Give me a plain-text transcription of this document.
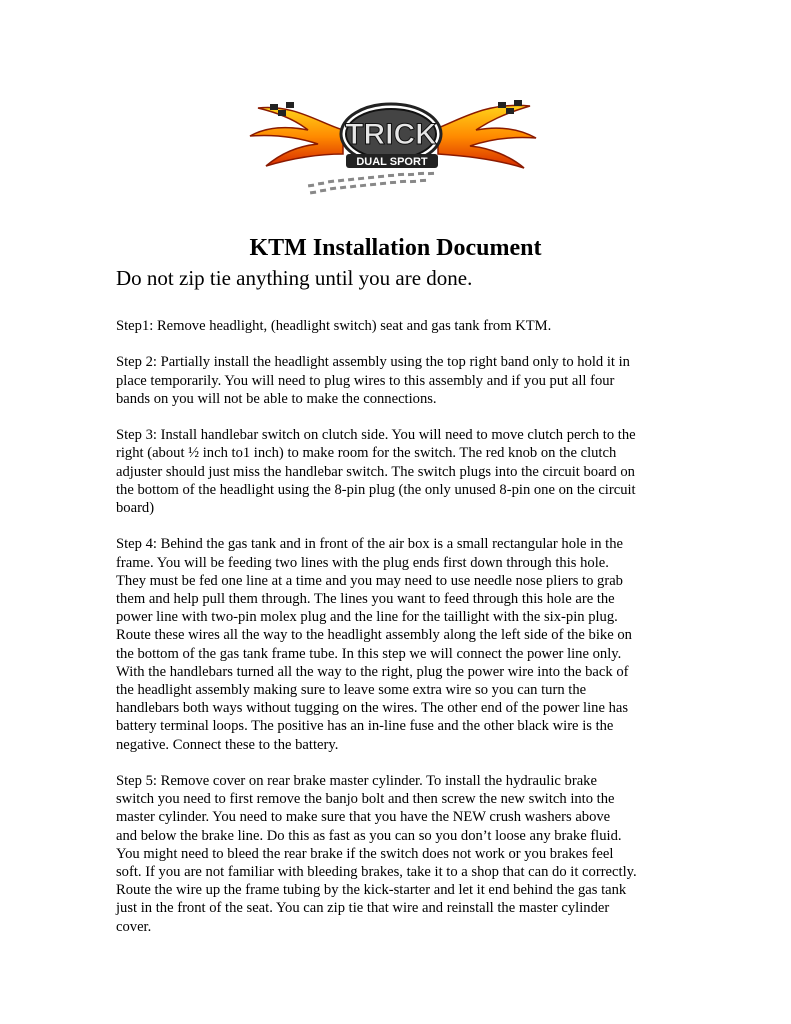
TRICK
DUAL SPORT
KTM Installation Document
Do not zip tie anything until you are done.

Step1: Remove headlight, (headlight switch) seat and gas tank from KTM.

Step 2: Partially install the headlight assembly using the top right band only to hold it in
place temporarily. You will need to plug wires to this assembly and if you put all four
bands on you will not be able to make the connections.

Step 3: Install handlebar switch on clutch side. You will need to move clutch perch to the
right (about ½ inch to1 inch) to make room for the switch. The red knob on the clutch
adjuster should just miss the handlebar switch. The switch plugs into the circuit board on
the bottom of the headlight using the 8-pin plug (the only unused 8-pin one on the circuit
board)

Step 4: Behind the gas tank and in front of the air box is a small rectangular hole in the
frame. You will be feeding two lines with the plug ends first down through this hole.
They must be fed one line at a time and you may need to use needle nose pliers to grab
them and help pull them through. The lines you want to feed through this hole are the
power line with two-pin molex plug and the line for the taillight with the six-pin plug.
Route these wires all the way to the headlight assembly along the left side of the bike on
the bottom of the gas tank frame tube. In this step we will connect the power line only.
With the handlebars turned all the way to the right, plug the power wire into the back of
the headlight assembly making sure to leave some extra wire so you can turn the
handlebars both ways without tugging on the wires. The other end of the power line has
battery terminal loops. The positive has an in-line fuse and the other black wire is the
negative. Connect these to the battery.

Step 5: Remove cover on rear brake master cylinder. To install the hydraulic brake
switch you need to first remove the banjo bolt and then screw the new switch into the
master cylinder. You need to make sure that you have the NEW crush washers above
and below the brake line. Do this as fast as you can so you don’t loose any brake fluid.
You might need to bleed the rear brake if the switch does not work or you brakes feel
soft. If you are not familiar with bleeding brakes, take it to a shop that can do it correctly.
Route the wire up the frame tubing by the kick-starter and let it end behind the gas tank
just in the front of the seat. You can zip tie that wire and reinstall the master cylinder
cover.
